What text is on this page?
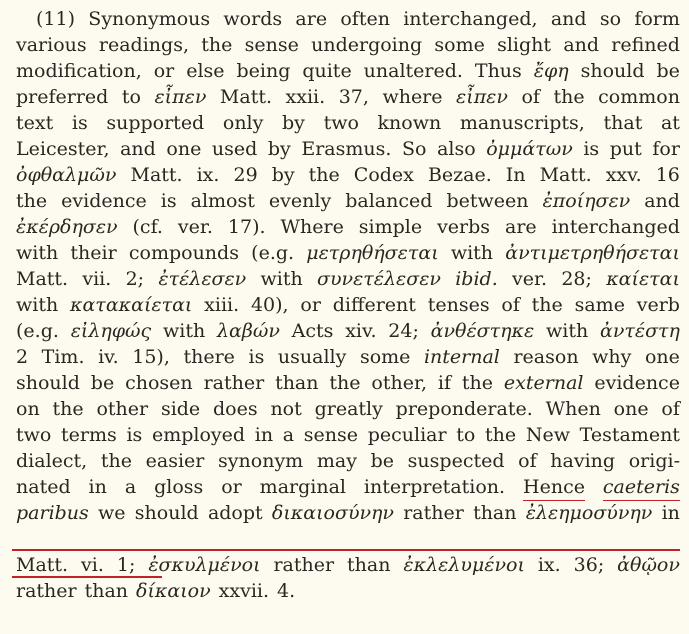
(11) Synonymous words are often interchanged, and so form
various readings, the sense undergoing some slight and refined
modification, or else being quite unaltered. Thus ἔφη should be
preferred to εἶπεν Matt. xxii. 37, where εἶπεν of the common
text is supported only by two known manuscripts, that at
Leicester, and one used by Erasmus. So also ὀμμάτων is put for
ὀφθαλμῶν Matt. ix. 29 by the Codex Bezae. In Matt. xxv. 16
the evidence is almost evenly balanced between ἐποίησεν and
ἐκέρδησεν (cf. ver. 17). Where simple verbs are interchanged
with their compounds (e.g. μετρηθήσεται with ἀντιμετρηθήσεται
Matt. vii. 2; ἐτέλεσεν with συνετέλεσεν ibid. ver. 28; καίεται
with κατακαίεται xiii. 40), or different tenses of the same verb
(e.g. εἰληφώς with λαβών Acts xiv. 24; ἀνθέστηκε with ἀντέστη
2 Tim. iv. 15), there is usually some internal reason why one
should be chosen rather than the other, if the external evidence
on the other side does not greatly preponderate. When one of
two terms is employed in a sense peculiar to the New Testament
dialect, the easier synonym may be suspected of having origi-
nated in a gloss or marginal interpretation. Hence caeteris
paribus we should adopt δικαιοσύνην rather than ἐλεημοσύνην in
Matt. vi. 1; ἐσκυλμένοι rather than ἐκλελυμένοι ix. 36; ἀθῷον
rather than δίκαιον xxvii. 4.
